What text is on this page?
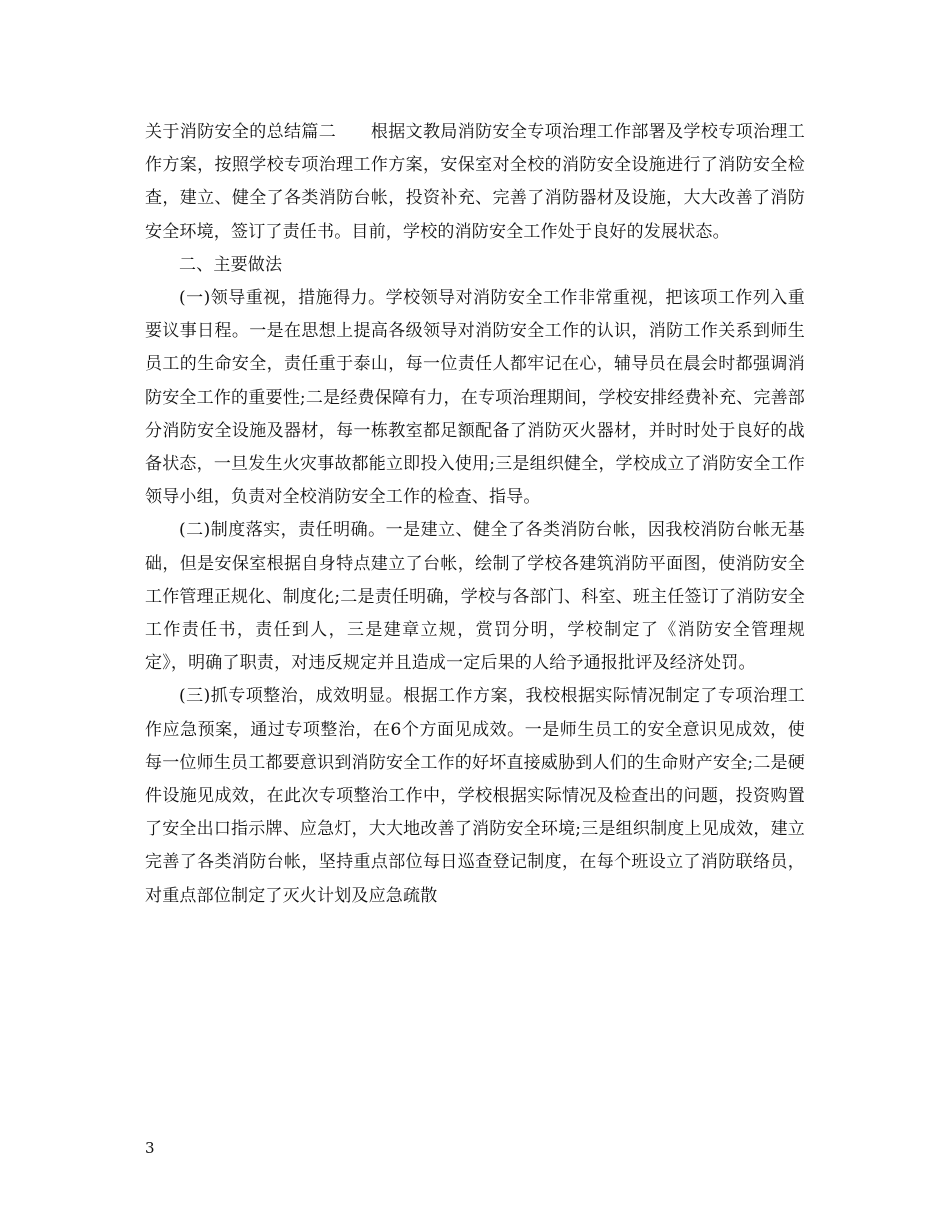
关于消防安全的总结篇二　　根据文教局消防安全专项治理工作部署及学校专项治理工作方案，按照学校专项治理工作方案，安保室对全校的消防安全设施进行了消防安全检查，建立、健全了各类消防台帐，投资补充、完善了消防器材及设施，大大改善了消防安全环境，签订了责任书。目前，学校的消防安全工作处于良好的发展状态。

二、主要做法

(一)领导重视，措施得力。学校领导对消防安全工作非常重视，把该项工作列入重要议事日程。一是在思想上提高各级领导对消防安全工作的认识，消防工作关系到师生员工的生命安全，责任重于泰山，每一位责任人都牢记在心，辅导员在晨会时都强调消防安全工作的重要性;二是经费保障有力，在专项治理期间，学校安排经费补充、完善部分消防安全设施及器材，每一栋教室都足额配备了消防灭火器材，并时时处于良好的战备状态，一旦发生火灾事故都能立即投入使用;三是组织健全，学校成立了消防安全工作领导小组，负责对全校消防安全工作的检查、指导。

(二)制度落实，责任明确。一是建立、健全了各类消防台帐，因我校消防台帐无基础，但是安保室根据自身特点建立了台帐，绘制了学校各建筑消防平面图，使消防安全工作管理正规化、制度化;二是责任明确，学校与各部门、科室、班主任签订了消防安全工作责任书，责任到人，三是建章立规，赏罚分明，学校制定了《消防安全管理规定》，明确了职责，对违反规定并且造成一定后果的人给予通报批评及经济处罚。

(三)抓专项整治，成效明显。根据工作方案，我校根据实际情况制定了专项治理工作应急预案，通过专项整治，在6个方面见成效。一是师生员工的安全意识见成效，使每一位师生员工都要意识到消防安全工作的好坏直接威胁到人们的生命财产安全;二是硬件设施见成效，在此次专项整治工作中，学校根据实际情况及检查出的问题，投资购置了安全出口指示牌、应急灯，大大地改善了消防安全环境;三是组织制度上见成效，建立完善了各类消防台帐，坚持重点部位每日巡查登记制度，在每个班设立了消防联络员，对重点部位制定了灭火计划及应急疏散

3
